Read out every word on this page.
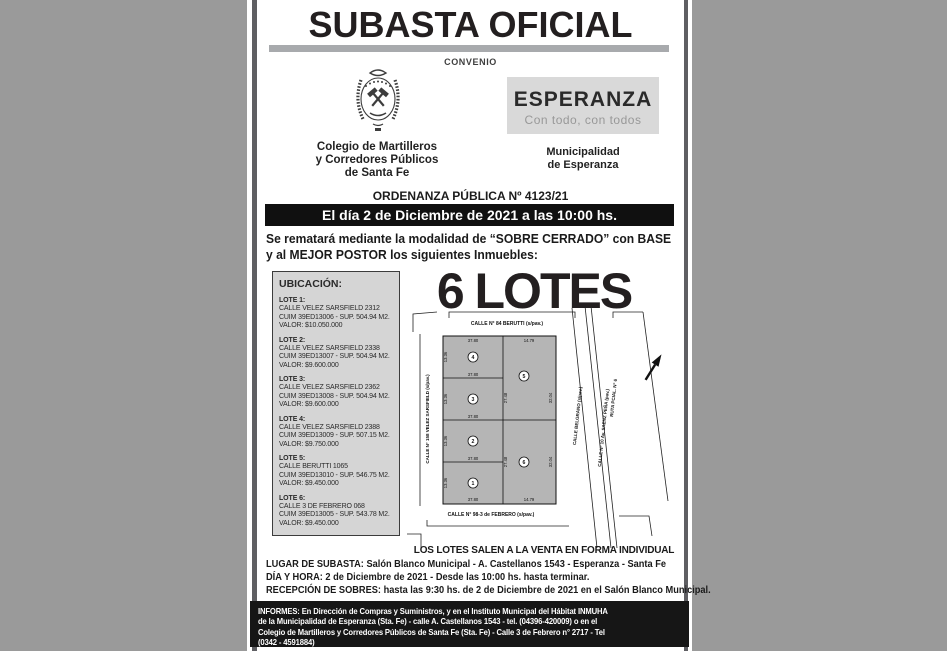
SUBASTA OFICIAL
CONVENIO
ESPERANZA
Con todo, con todos
Colegio de Martilleros
y Corredores Públicos
de Santa Fe
Municipalidad
de Esperanza
ORDENANZA PÚBLICA Nº 4123/21
El día 2 de Diciembre de 2021 a las 10:00 hs.
Se rematará mediante la modalidad de “SOBRE CERRADO” con BASE
y al MEJOR POSTOR los siguientes Inmuebles:
UBICACIÓN:
LOTE 1:
CALLE VELEZ SARSFIELD 2312
CUIM 39ED13006 - SUP. 504.94 M2.
VALOR: $10.050.000
LOTE 2:
CALLE VELEZ SARSFIELD 2338
CUIM 39ED13007 - SUP. 504.94 M2.
VALOR: $9.600.000
LOTE 3:
CALLE VELEZ SARSFIELD 2362
CUIM 39ED13008 - SUP. 504.94 M2.
VALOR: $9.600.000
LOTE 4:
CALLE VELEZ SARSFIELD 2388
CUIM 39ED13009 - SUP. 507.15 M2.
VALOR: $9.750.000
LOTE 5:
CALLE BERUTTI 1065
CUIM 39ED13010 - SUP. 546.75 M2.
VALOR: $9.450.000
LOTE 6:
CALLE 3 DE FEBRERO 068
CUIM 39ED13005 - SUP. 543.78 M2.
VALOR: $9.450.000
6 LOTES
37.80	14.79
37.80
37.80
37.80
37.80	14.79
13.36
13.36
13.36
13.36
27.48
27.48
32.04
32.04
4
3
2
1
5
6
CALLE N° 84 BERUTTI (s/pav.)
CALLE N° 158 VELEZ SARSFIELD (s/pav.)
CALLE N° 98-3 de FEBRERO (s/pav.)
CALLE BELGRANO (s/pav.)	CALLE N° 10 Av. SAENZ PEÑA (pav.)
RUTA PCIAL. N° 6
LOS LOTES SALEN A LA VENTA EN FORMA INDIVIDUAL
LUGAR DE SUBASTA: Salón Blanco Municipal - A. Castellanos 1543 - Esperanza - Santa Fe
DÍA Y HORA: 2 de Diciembre de 2021 - Desde las 10:00 hs. hasta terminar.
RECEPCIÓN DE SOBRES: hasta las 9:30 hs. de 2 de Diciembre de 2021 en el Salón Blanco Municipal.
INFORMES: En Dirección de Compras y Suministros, y en el Instituto Municipal del Hábitat INMUHA
de la Municipalidad de Esperanza (Sta. Fe) - calle A. Castellanos 1543 - tel. (04396-420009) o en el
Colegio de Martilleros y Corredores Públicos de Santa Fe (Sta. Fe) - Calle 3 de Febrero n° 2717 - Tel
(0342 - 4591884)
